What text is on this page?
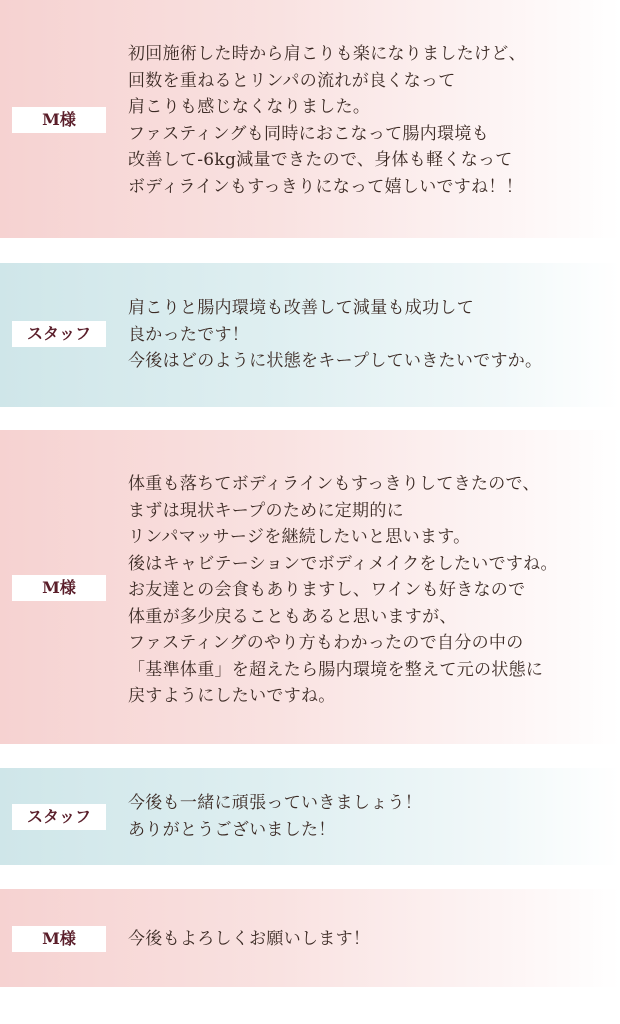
M様
初回施術した時から肩こりも楽になりましたけど、
回数を重ねるとリンパの流れが良くなって
肩こりも感じなくなりました。
ファスティングも同時におこなって腸内環境も
改善して-6kg減量できたので、身体も軽くなって
ボディラインもすっきりになって嬉しいですね！！
スタッフ
肩こりと腸内環境も改善して減量も成功して
良かったです！
今後はどのように状態をキープしていきたいですか。
M様
体重も落ちてボディラインもすっきりしてきたので、
まずは現状キープのために定期的に
リンパマッサージを継続したいと思います。
後はキャビテーションでボディメイクをしたいですね。
お友達との会食もありますし、ワインも好きなので
体重が多少戻ることもあると思いますが、
ファスティングのやり方もわかったので自分の中の
「基準体重」を超えたら腸内環境を整えて元の状態に
戻すようにしたいですね。
スタッフ
今後も一緒に頑張っていきましょう！
ありがとうございました！
M様	今後もよろしくお願いします！
